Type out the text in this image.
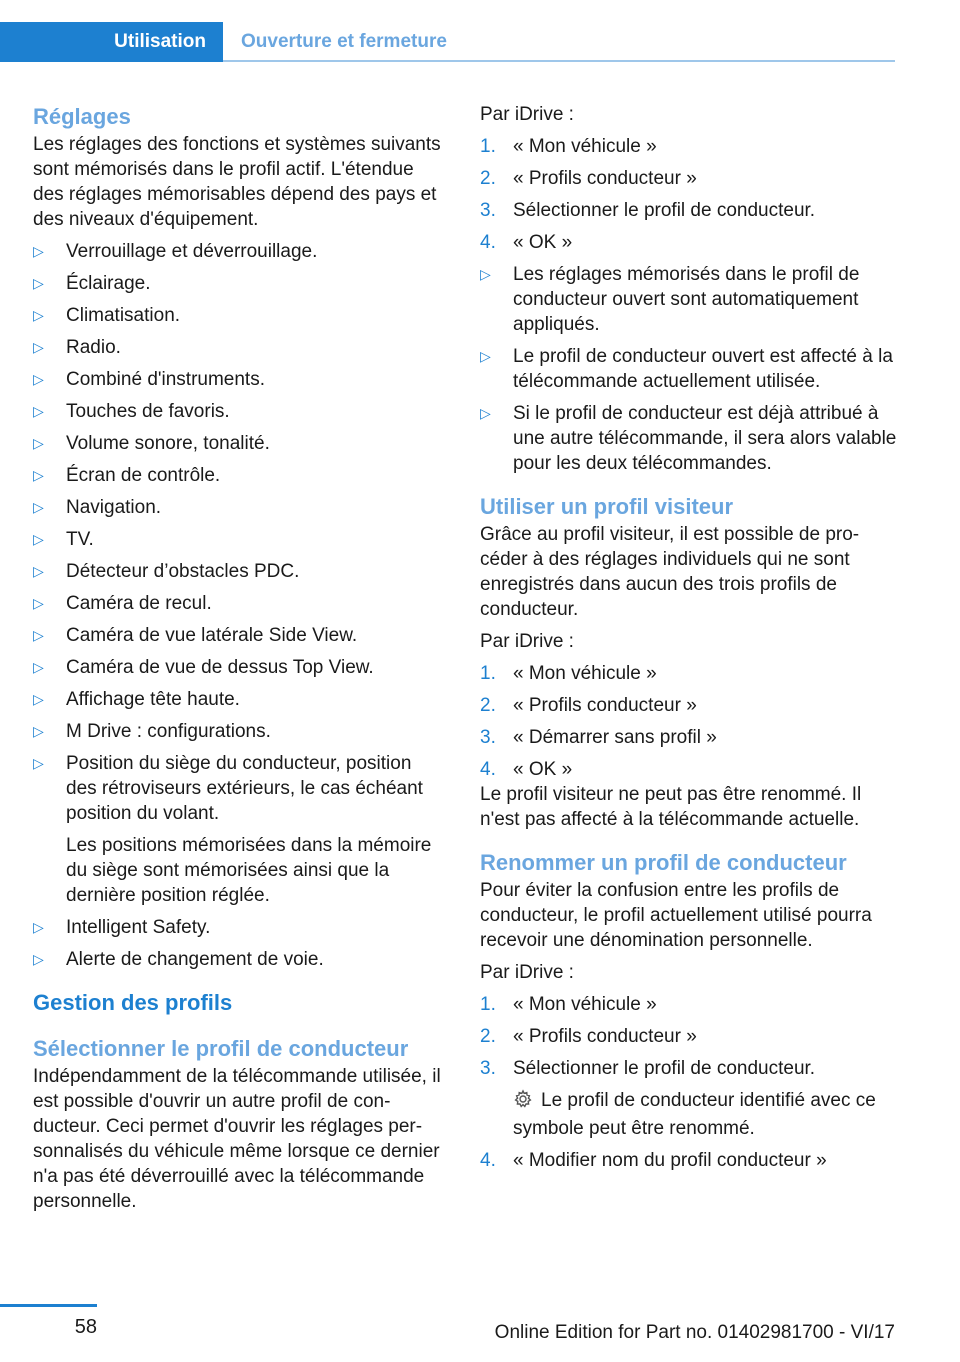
Utilisation	Ouverture et fermeture
Réglages

Les réglages des fonctions et systèmes suivants sont mémorisés dans le profil actif. L'étendue des réglages mémorisables dépend des pays et des niveaux d'équipement.

▷ Verrouillage et déverrouillage.
▷ Éclairage.
▷ Climatisation.
▷ Radio.
▷ Combiné d'instruments.
▷ Touches de favoris.
▷ Volume sonore, tonalité.
▷ Écran de contrôle.
▷ Navigation.
▷ TV.
▷ Détecteur d’obstacles PDC.
▷ Caméra de recul.
▷ Caméra de vue latérale Side View.
▷ Caméra de vue de dessus Top View.
▷ Affichage tête haute.
▷ M Drive : configurations.
▷ Position du siège du conducteur, position des rétroviseurs extérieurs, le cas échéant position du volant.
Les positions mémorisées dans la mémoire du siège sont mémorisées ainsi que la dernière position réglée.
▷ Intelligent Safety.
▷ Alerte de changement de voie.
Gestion des profils
Sélectionner le profil de conducteur

Indépendamment de la télécommande utilisée, il est possible d'ouvrir un autre profil de conducteur. Ceci permet d'ouvrir les réglages personnalisés du véhicule même lorsque ce dernier n'a pas été déverrouillé avec la télécommande personnelle.

Par iDrive :

1. « Mon véhicule »
2. « Profils conducteur »
3. Sélectionner le profil de conducteur.
4. « OK »
▷ Les réglages mémorisés dans le profil de conducteur ouvert sont automatiquement appliqués.
▷ Le profil de conducteur ouvert est affecté à la télécommande actuellement utilisée.
▷ Si le profil de conducteur est déjà attribué à une autre télécommande, il sera alors valable pour les deux télécommandes.
Utiliser un profil visiteur

Grâce au profil visiteur, il est possible de procéder à des réglages individuels qui ne sont enregistrés dans aucun des trois profils de conducteur.

Par iDrive :

1. « Mon véhicule »
2. « Profils conducteur »
3. « Démarrer sans profil »
4. « OK »

Le profil visiteur ne peut pas être renommé. Il n'est pas affecté à la télécommande actuelle.

Renommer un profil de conducteur

Pour éviter la confusion entre les profils de conducteur, le profil actuellement utilisé pourra recevoir une dénomination personnelle.

Par iDrive :

1. « Mon véhicule »
2. « Profils conducteur »
3. Sélectionner le profil de conducteur.
Le profil de conducteur identifié avec ce symbole peut être renommé.
4. « Modifier nom du profil conducteur »
58	Online Edition for Part no. 01402981700 - VI/17
